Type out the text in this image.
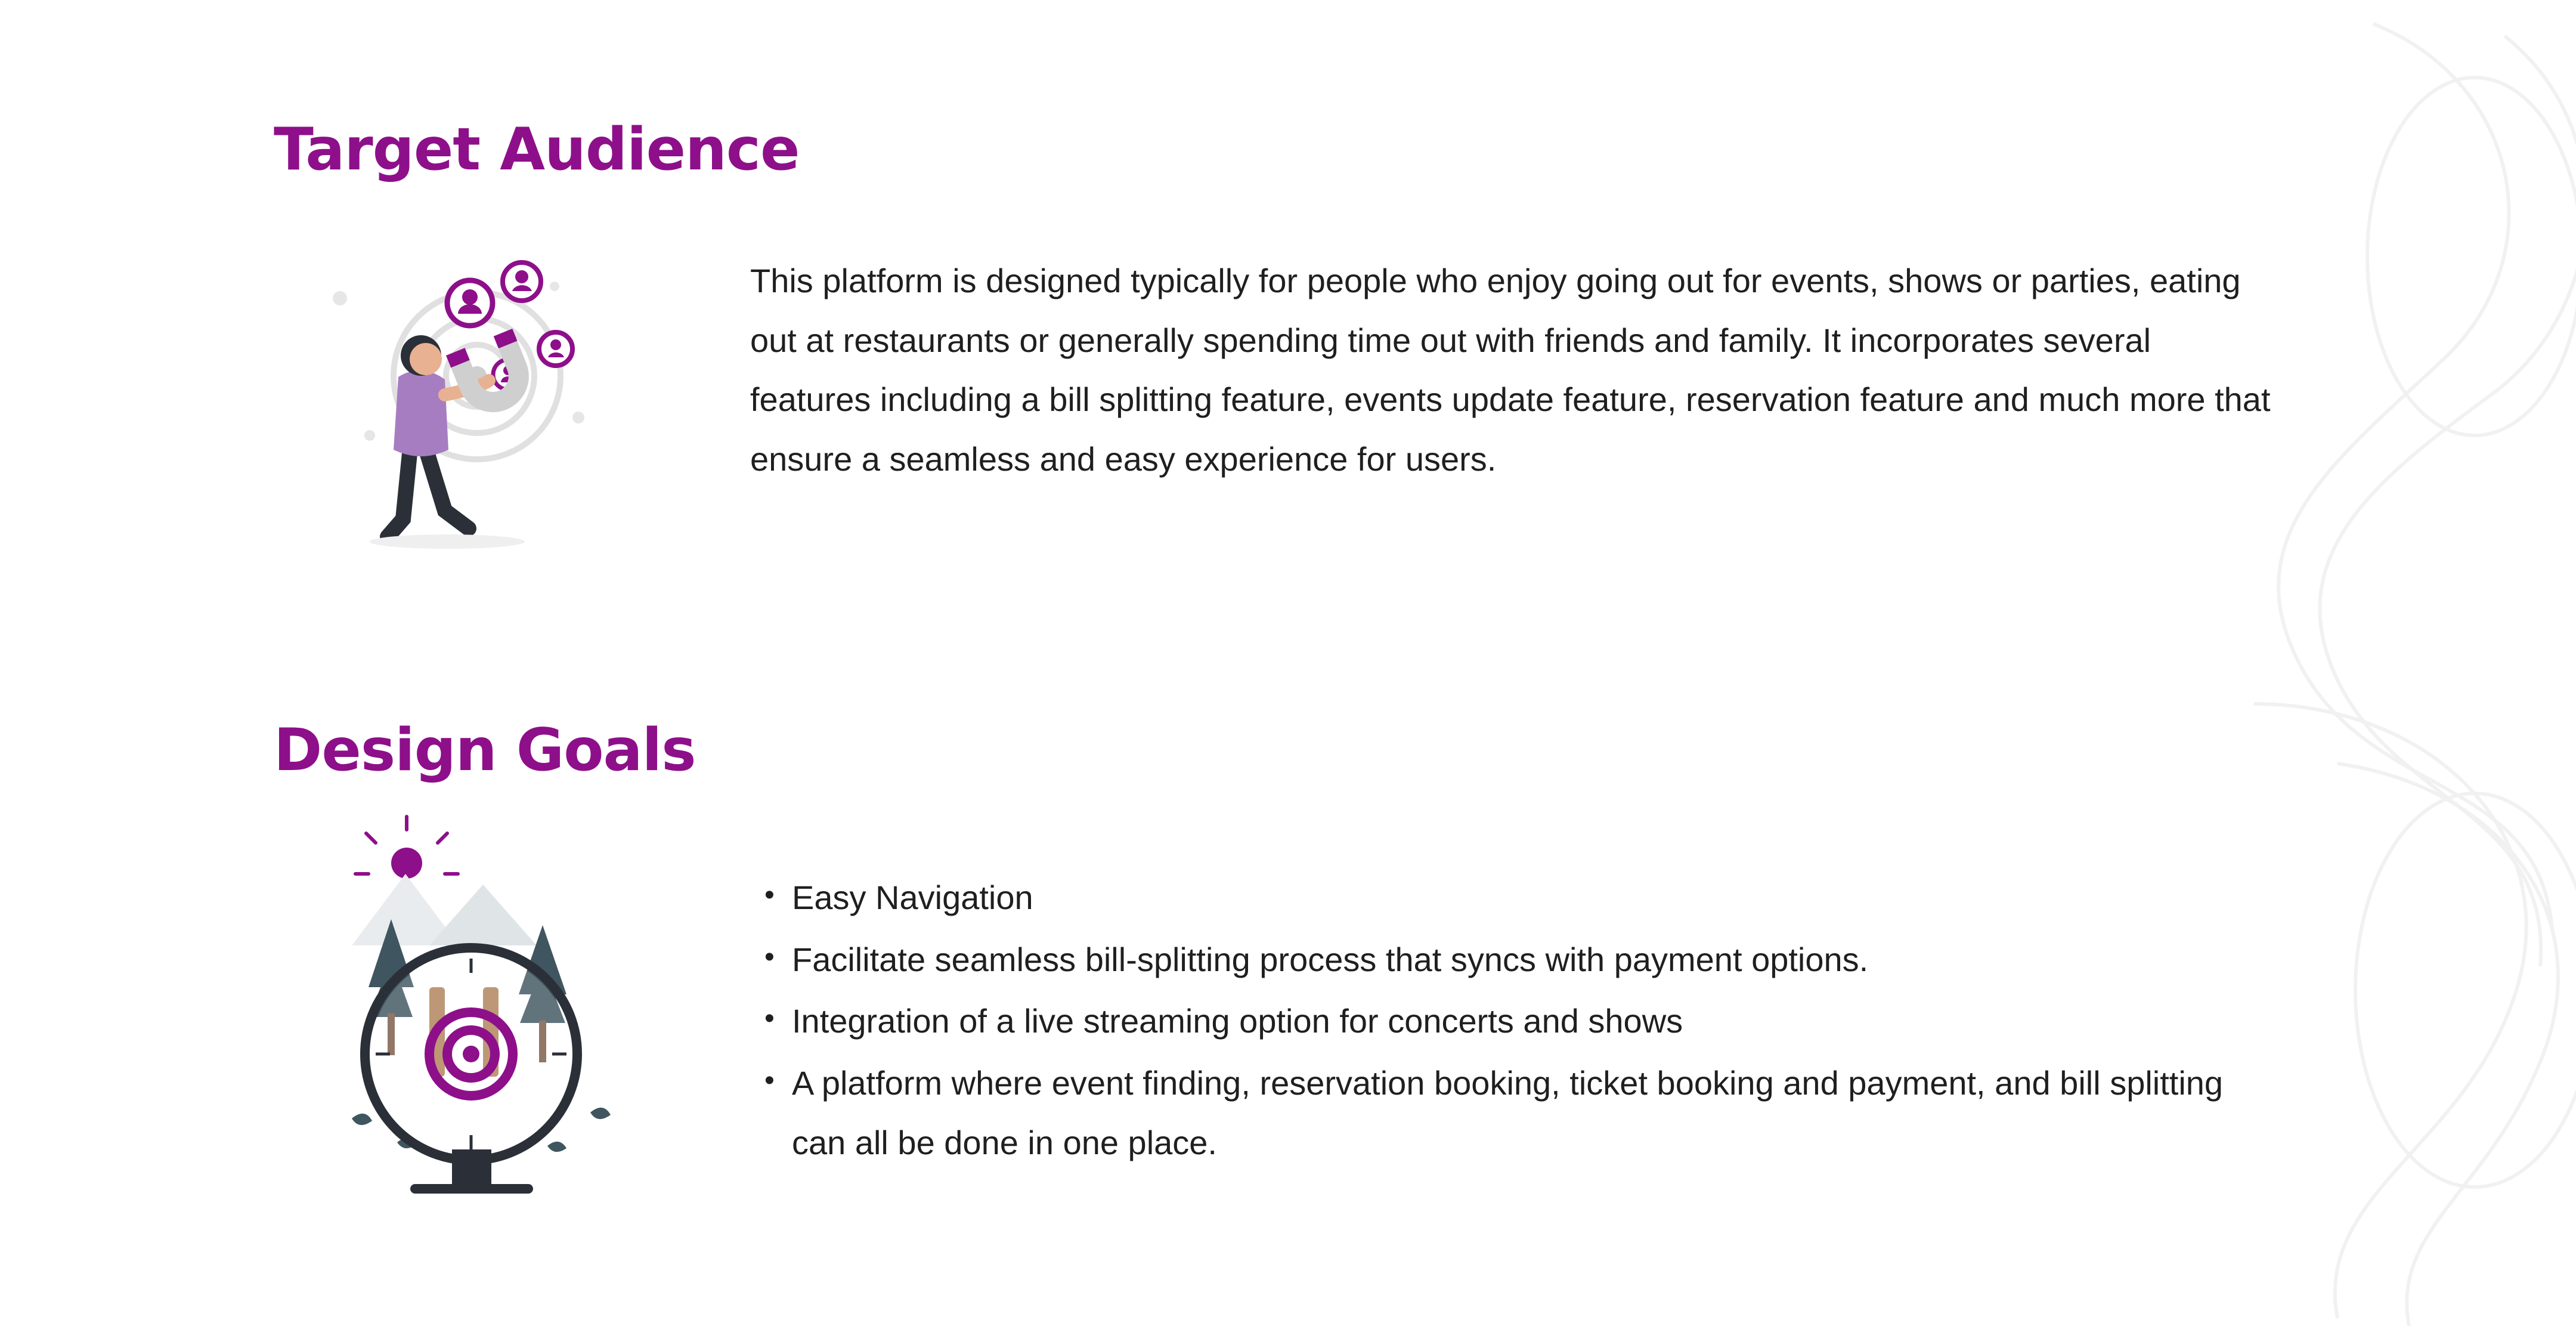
Target Audience

This platform is designed typically for people who enjoy going out for events, shows or parties, eating out at restaurants or generally spending time out with friends and family. It incorporates several features including a bill splitting feature, events update feature, reservation feature and much more that ensure a seamless and easy experience for users.

Design Goals
• Easy Navigation
• Facilitate seamless bill-splitting process that syncs with payment options.
• Integration of a live streaming option for concerts and shows
• A platform where event finding, reservation booking, ticket booking and payment, and bill splitting can all be done in one place.
